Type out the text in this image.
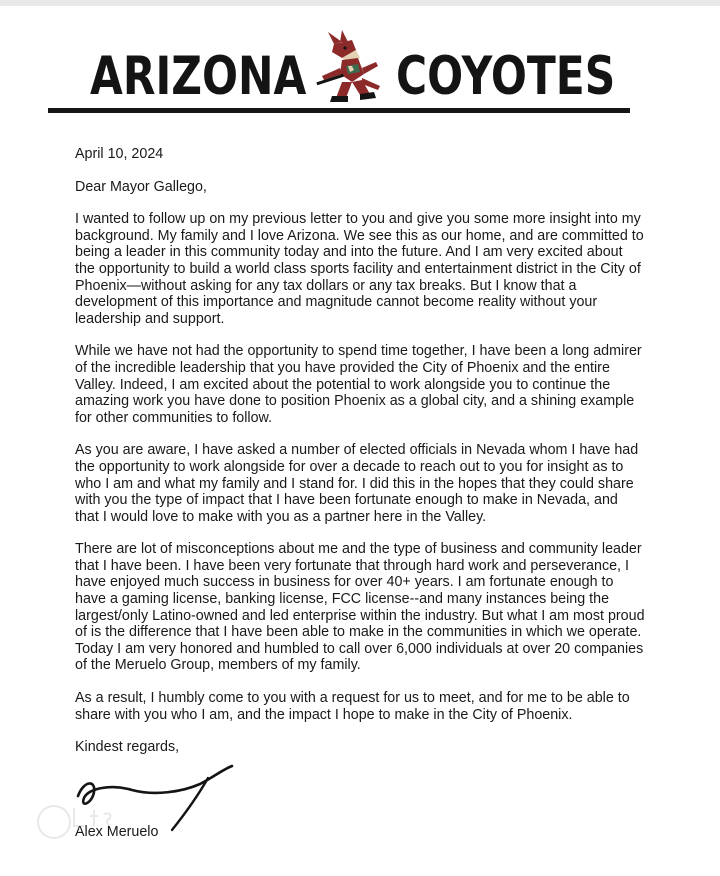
ARIZONA COYOTES

April 10, 2024

Dear Mayor Gallego,

I wanted to follow up on my previous letter to you and give you some more insight into my background. My family and I love Arizona. We see this as our home, and are committed to being a leader in this community today and into the future. And I am very excited about the opportunity to build a world class sports facility and entertainment district in the City of Phoenix—without asking for any tax dollars or any tax breaks. But I know that a development of this importance and magnitude cannot become reality without your leadership and support.

While we have not had the opportunity to spend time together, I have been a long admirer of the incredible leadership that you have provided the City of Phoenix and the entire Valley. Indeed, I am excited about the potential to work alongside you to continue the amazing work you have done to position Phoenix as a global city, and a shining example for other communities to follow.

As you are aware, I have asked a number of elected officials in Nevada whom I have had the opportunity to work alongside for over a decade to reach out to you for insight as to who I am and what my family and I stand for. I did this in the hopes that they could share with you the type of impact that I have been fortunate enough to make in Nevada, and that I would love to make with you as a partner here in the Valley.

There are lot of misconceptions about me and the type of business and community leader that I have been. I have been very fortunate that through hard work and perseverance, I have enjoyed much success in business for over 40+ years. I am fortunate enough to have a gaming license, banking license, FCC license--and many instances being the largest/only Latino-owned and led enterprise within the industry. But what I am most proud of is the difference that I have been able to make in the communities in which we operate. Today I am very honored and humbled to call over 6,000 individuals at over 20 companies of the Meruelo Group, members of my family.

As a result, I humbly come to you with a request for us to meet, and for me to be able to share with you who I am, and the impact I hope to make in the City of Phoenix.

Kindest regards,

Alex Meruelo
